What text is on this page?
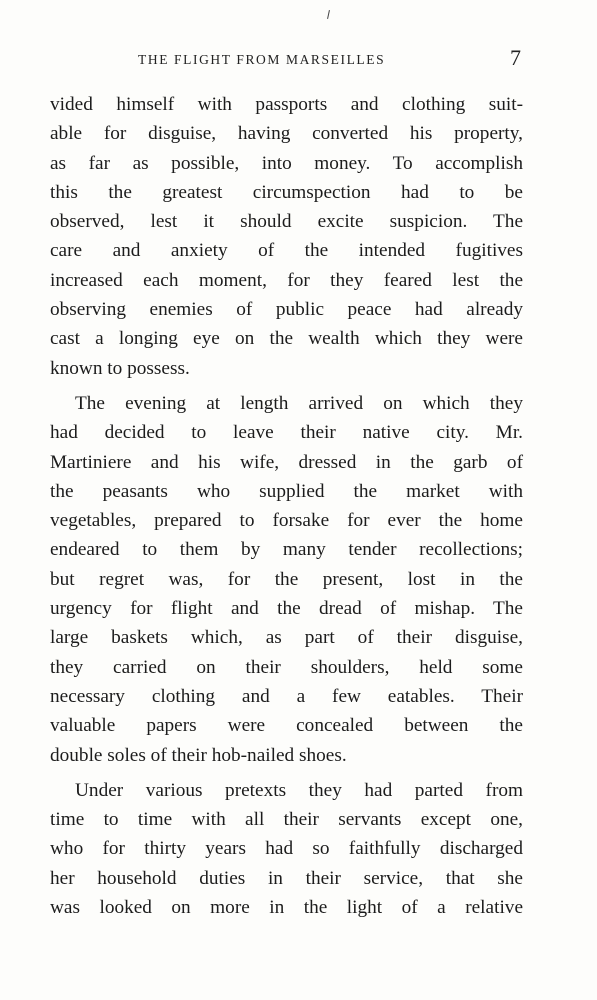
THE FLIGHT FROM MARSEILLES	7
vided himself with passports and clothing suit-
able for disguise, having converted his property,
as far as possible, into money. To accomplish
this the greatest circumspection had to be
observed, lest it should excite suspicion. The
care and anxiety of the intended fugitives
increased each moment, for they feared lest the
observing enemies of public peace had already
cast a longing eye on the wealth which they were
known to possess.
The evening at length arrived on which they
had decided to leave their native city. Mr.
Martiniere and his wife, dressed in the garb of
the peasants who supplied the market with
vegetables, prepared to forsake for ever the home
endeared to them by many tender recollections;
but regret was, for the present, lost in the
urgency for flight and the dread of mishap. The
large baskets which, as part of their disguise,
they carried on their shoulders, held some
necessary clothing and a few eatables. Their
valuable papers were concealed between the
double soles of their hob-nailed shoes.
Under various pretexts they had parted from
time to time with all their servants except one,
who for thirty years had so faithfully discharged
her household duties in their service, that she
was looked on more in the light of a relative
